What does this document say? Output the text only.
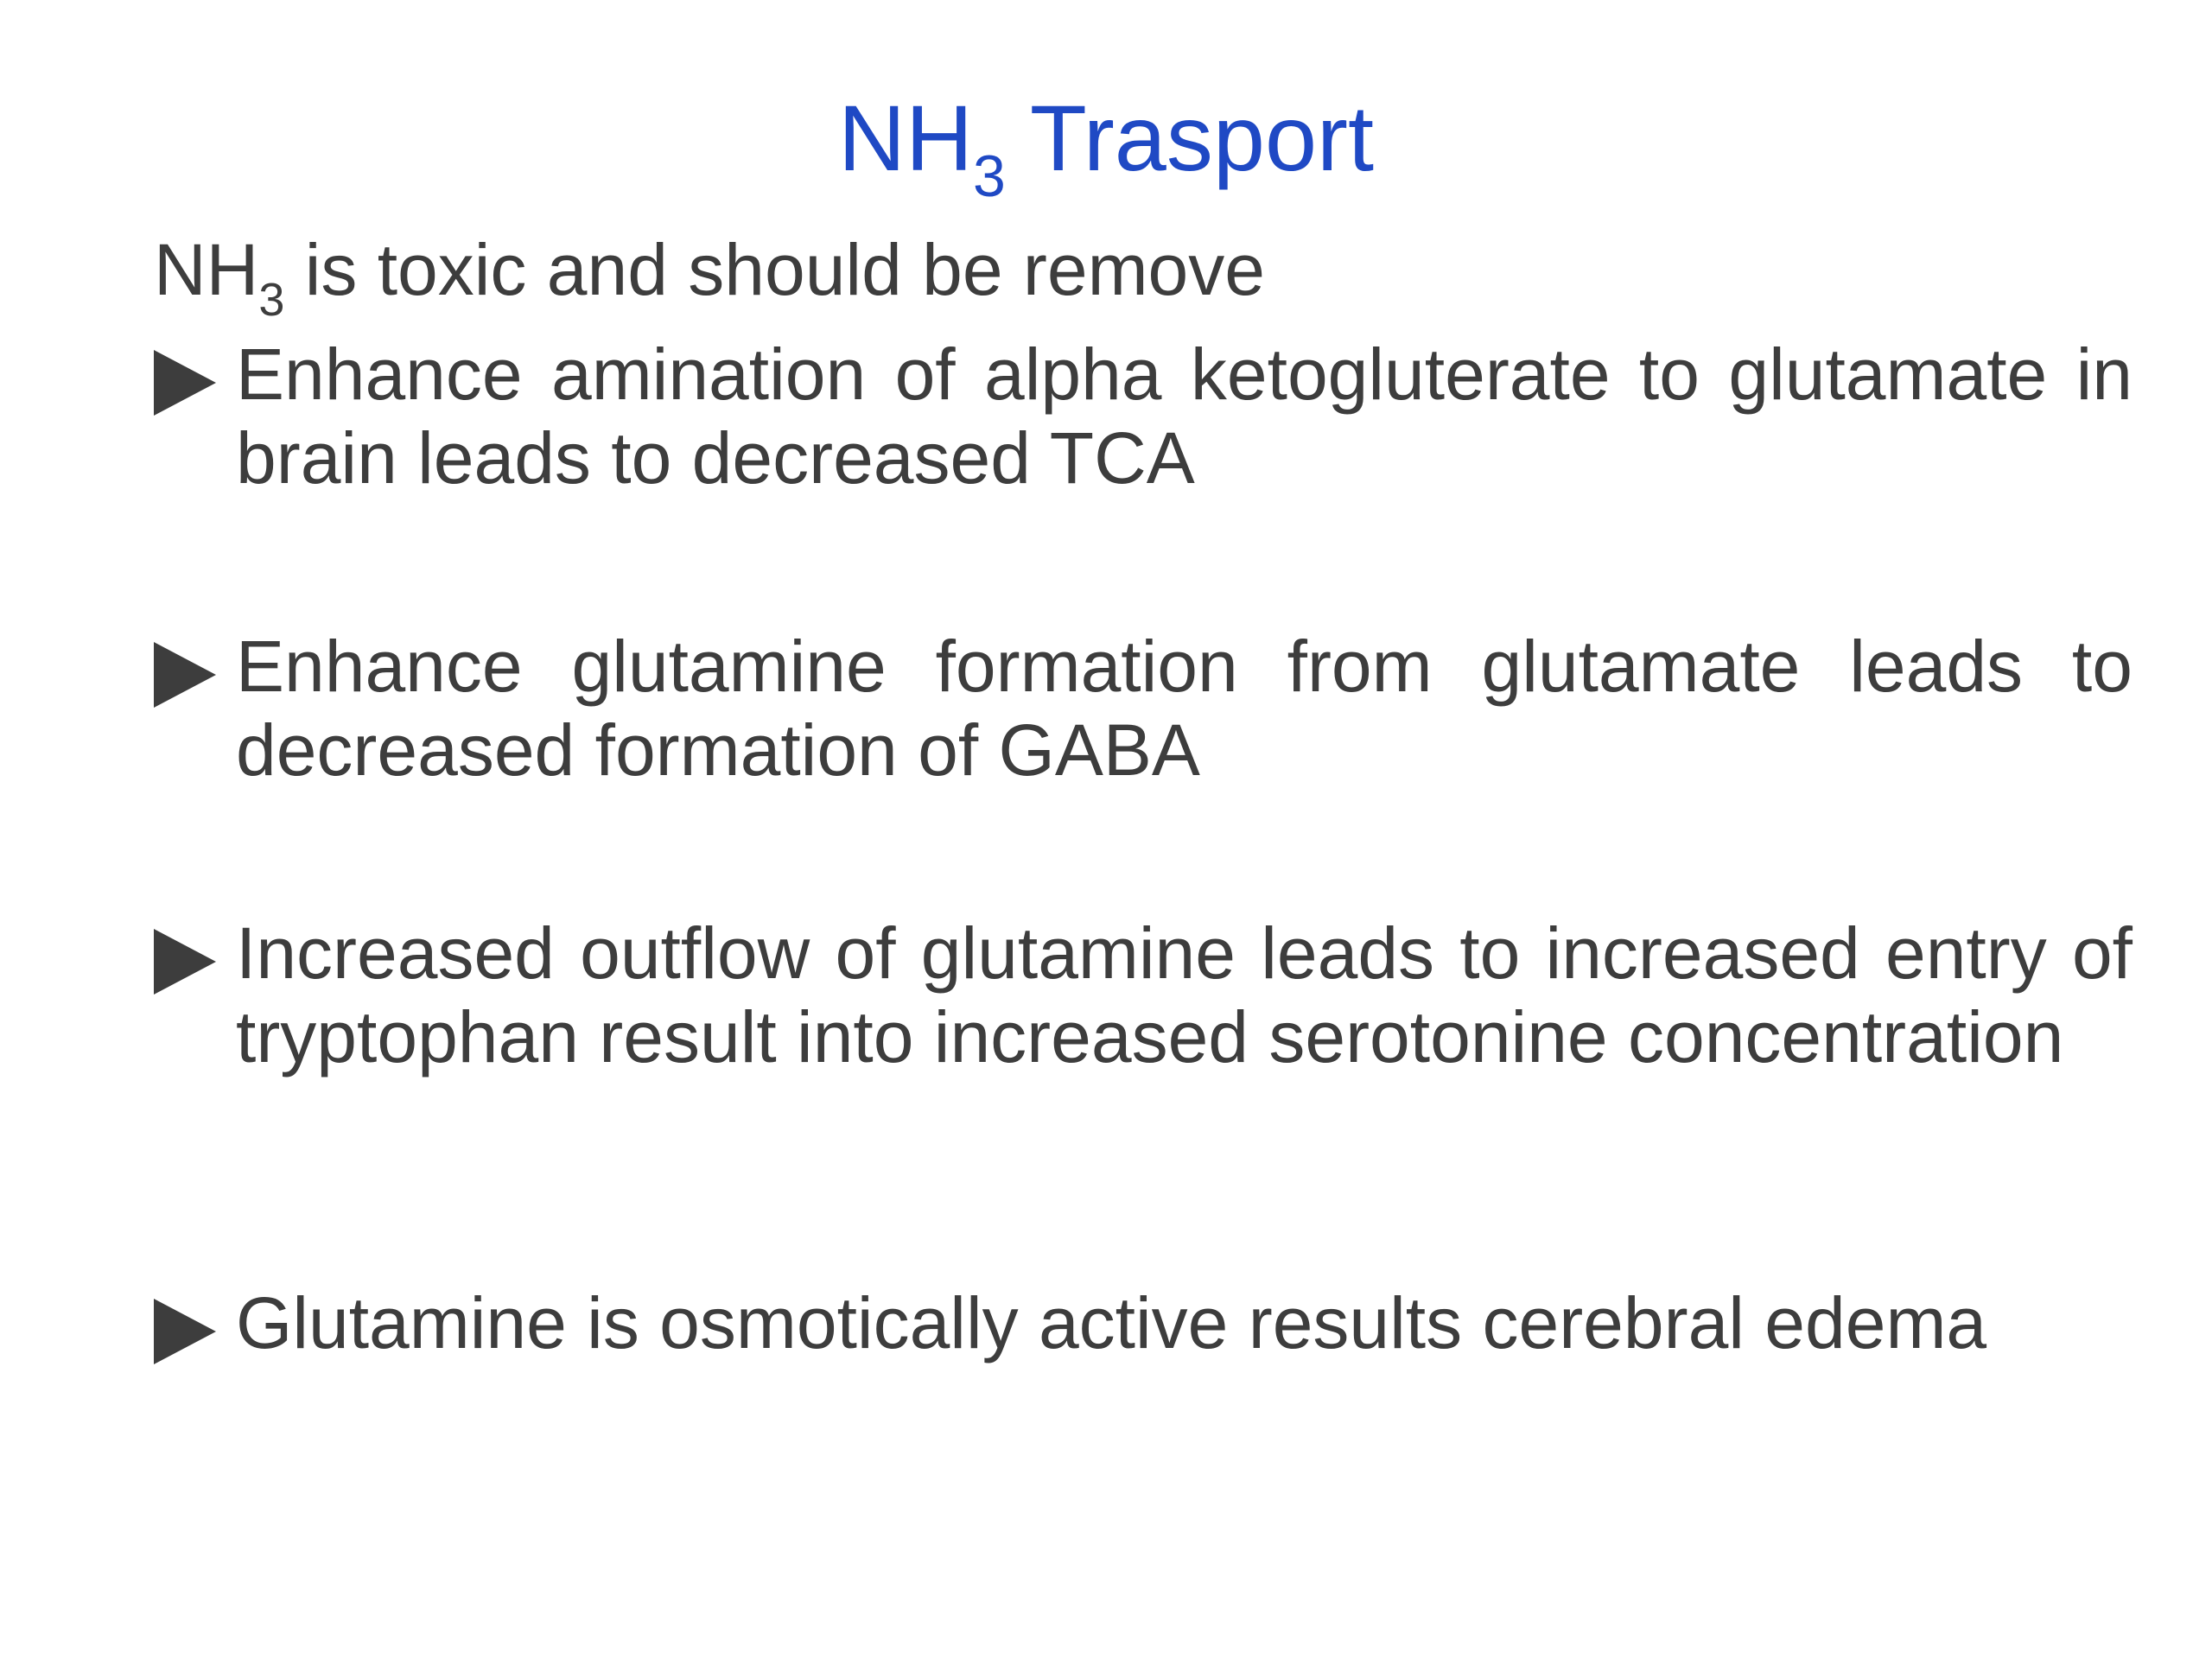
$NH_3$ Trasport
$NH_3$ is toxic and should be remove
Enhance amination of alpha ketogluterate to glutamate in brain leads to decreased TCA
Enhance glutamine formation from glutamate leads to decreased formation of GABA
Increased outflow of glutamine leads to increased entry of tryptophan result into increased serotonine concentration
Glutamine is osmotically active results cerebral edema
